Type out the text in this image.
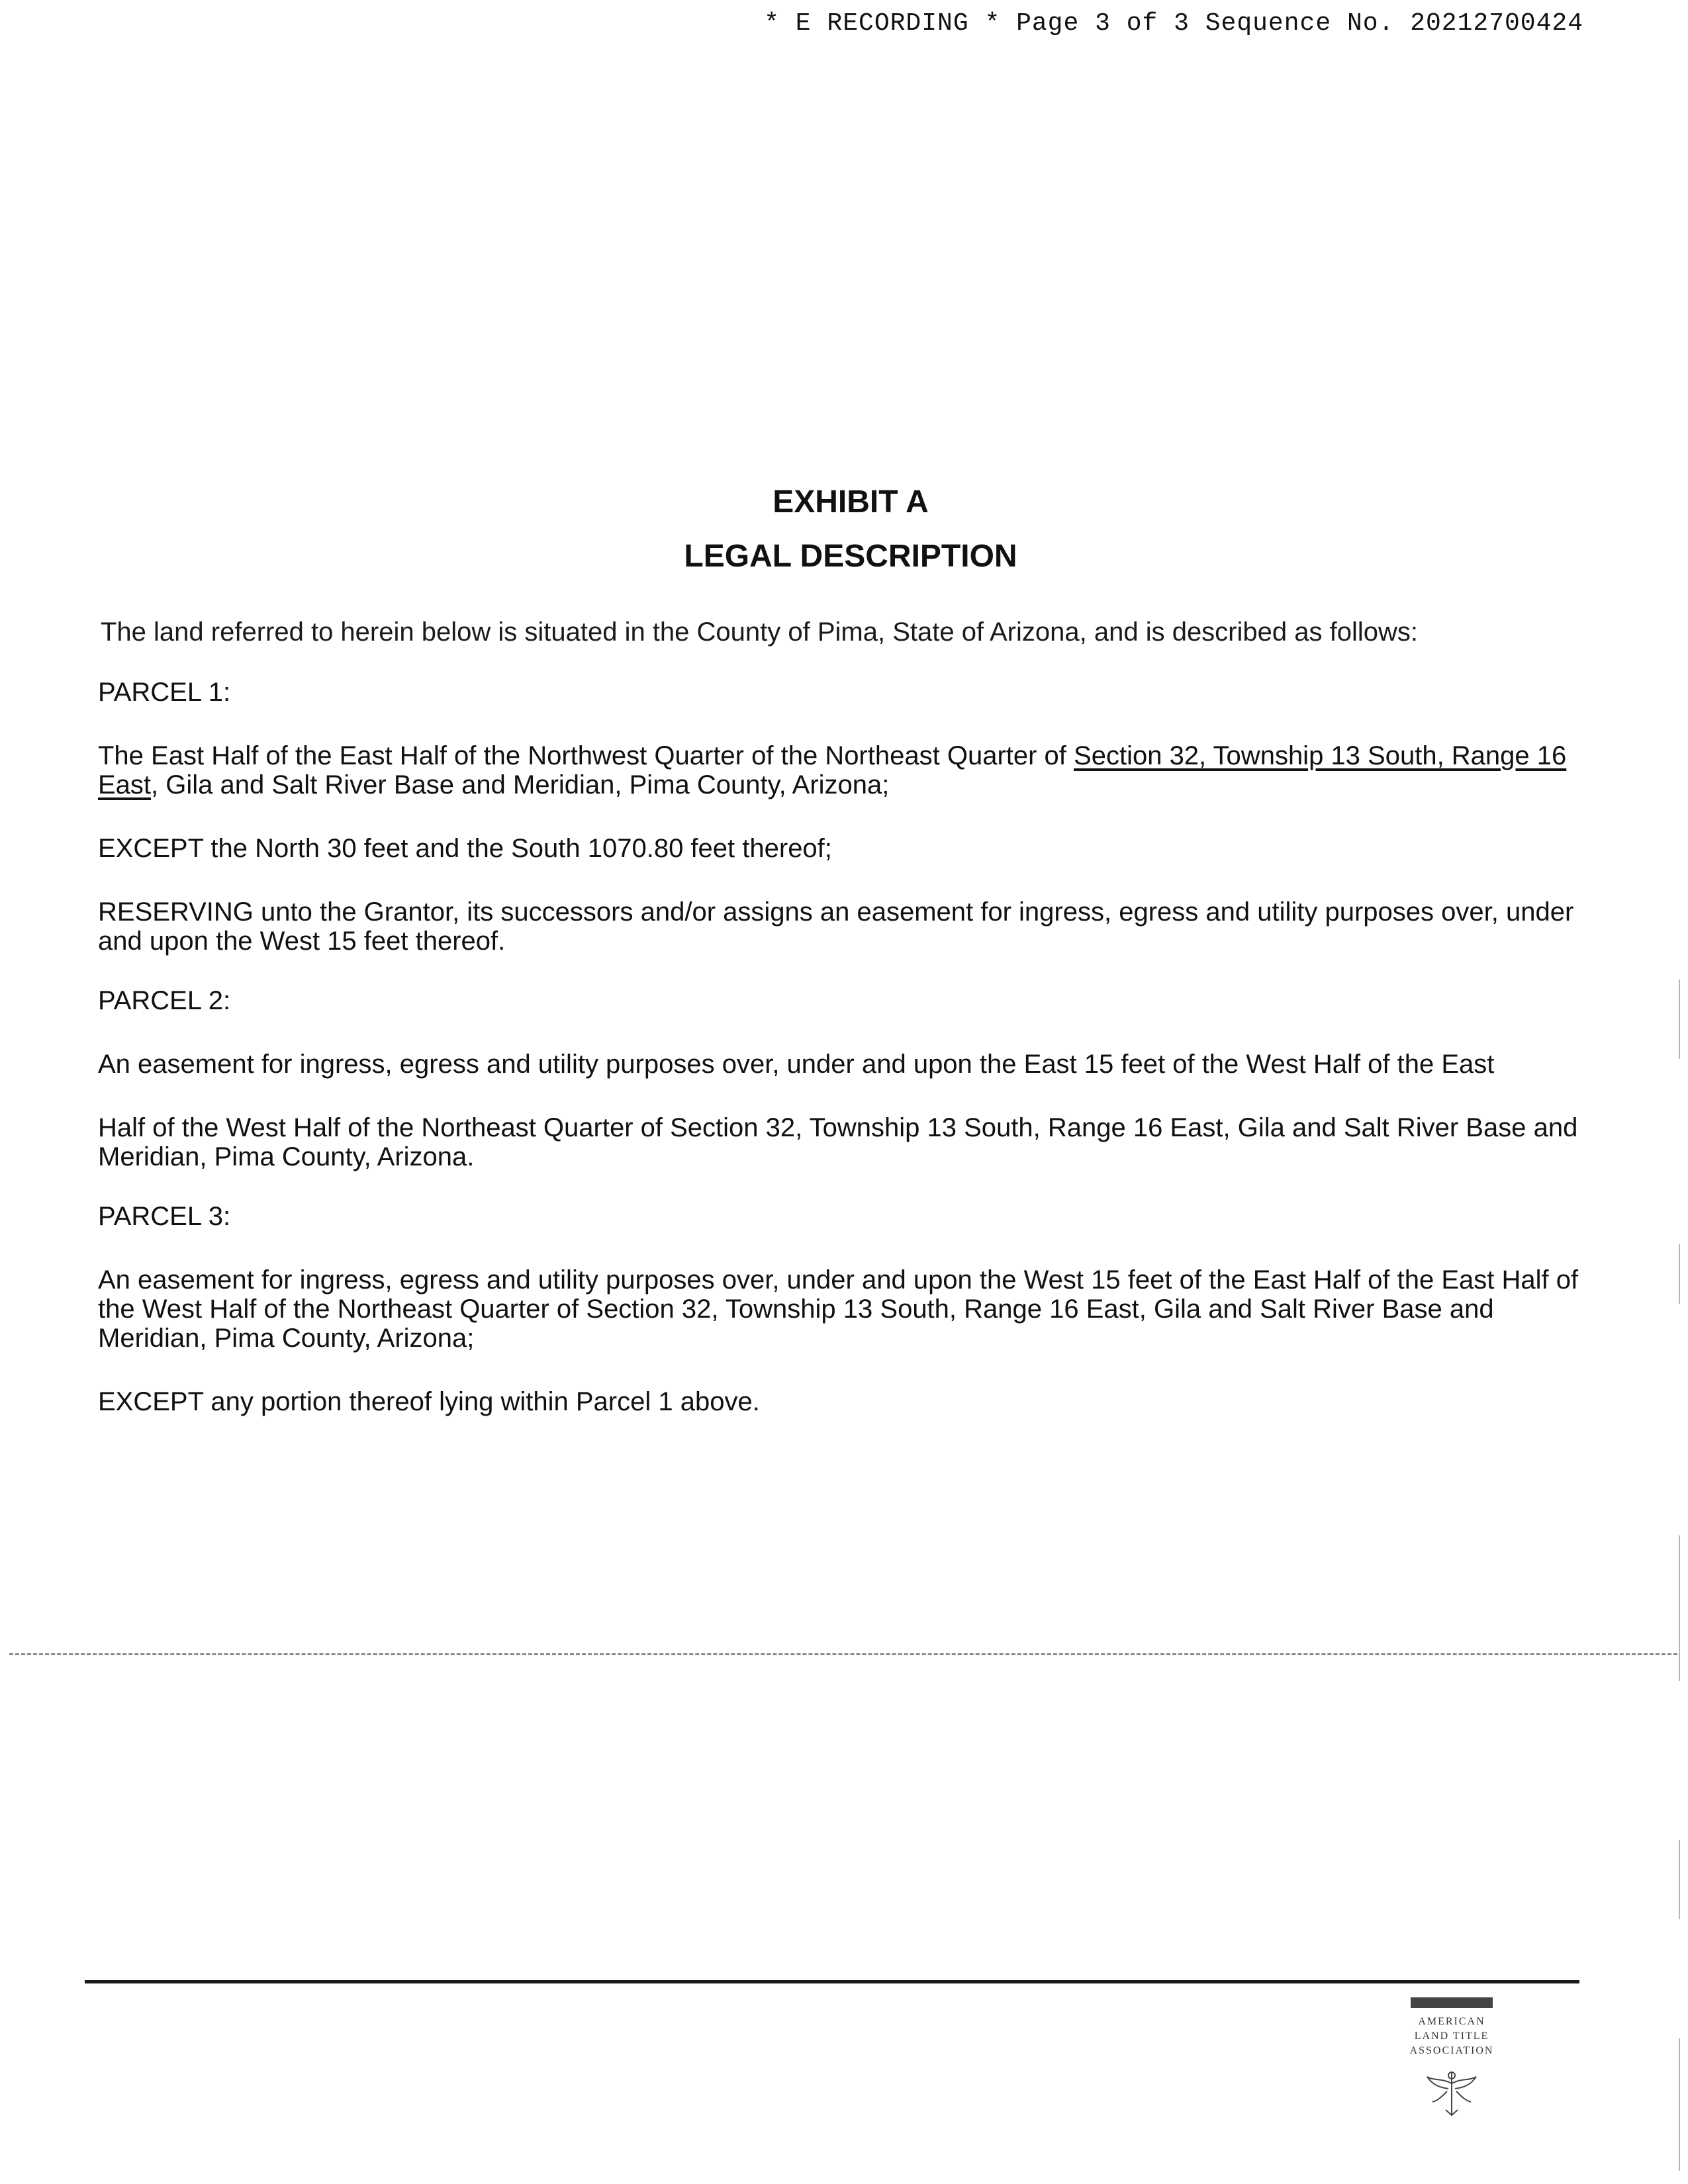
* E RECORDING * Page 3 of 3 Sequence No. 20212700424
EXHIBIT A
LEGAL DESCRIPTION
The land referred to herein below is situated in the County of Pima, State of Arizona, and is described as follows:

PARCEL 1:

The East Half of the East Half of the Northwest Quarter of the Northeast Quarter of Section 32, Township 13 South, Range 16 East, Gila and Salt River Base and Meridian, Pima County, Arizona;

EXCEPT the North 30 feet and the South 1070.80 feet thereof;

RESERVING unto the Grantor, its successors and/or assigns an easement for ingress, egress and utility purposes over, under and upon the West 15 feet thereof.

PARCEL 2:

An easement for ingress, egress and utility purposes over, under and upon the East 15 feet of the West Half of the East

Half of the West Half of the Northeast Quarter of Section 32, Township 13 South, Range 16 East, Gila and Salt River Base and Meridian, Pima County, Arizona.

PARCEL 3:

An easement for ingress, egress and utility purposes over, under and upon the West 15 feet of the East Half of the East Half of the West Half of the Northeast Quarter of Section 32, Township 13 South, Range 16 East, Gila and Salt River Base and Meridian, Pima County, Arizona;

EXCEPT any portion thereof lying within Parcel 1 above.

AMERICAN
LAND TITLE
ASSOCIATION
